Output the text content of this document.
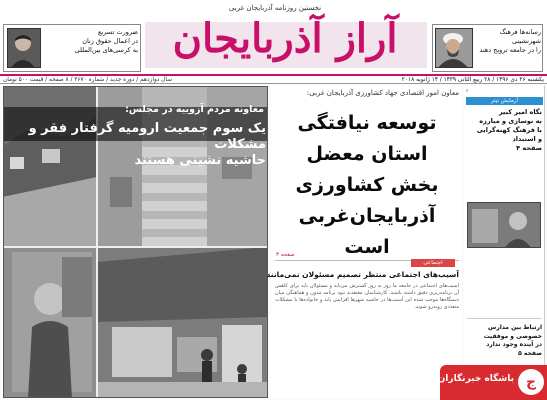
نخستین روزنامه آذربایجان غربی
آراز آذربایجان
ضرورت تسریع
در اعمال حقوق زنان
به کرسی‌های بین‌المللی
رسانه‌ها فرهنگ
شهرنشینی
را در جامعه ترویج دهند
یکشنبه ۲۶ دی ۱۳۹۶ / ۲۸ ربیع الثانی ۱۴۳۹ / ۱۴ ژانویه ۲۰۱۸
سال دوازدهم / دوره جدید / شماره ۳۶۷۰ / ۸ صفحه / قیمت ۵۰۰ تومان
معاونه مردم آزوییه در مجلس:
یک سوم جمعیت اروميه گرفتار فقر و مشکلات
حاشیه نشینی هستند
معاون امور اقتصادی جهاد کشاورزی آذربایجان غربی:
توسعه نیافتگی
استان معضل
بخش کشاورزی
آذربایجان‌غربی است
صفحه ۳
اجتماعی
آسیب‌های اجتماعی منتظر تصمیم مسئولان نمی‌مانند
آسیب‌های اجتماعی در جامعه ما روز به روز گسترش می‌یابد و مسئولان باید برای کاهش آن برنامه‌ریزی دقیق داشته باشند. کارشناسان معتقدند نبود برنامه مدون و هماهنگی میان دستگاه‌ها موجب شده این آسیب‌ها در حاشیه شهرها افزایش یابد و خانواده‌ها با مشکلات متعددی روبه‌رو شوند.
۲
آزمایش تیتر
نگاه امیر کبیر
به نوسازی و مبارزه
با فرهنگ کهنه‌گرایی
و استبداد
صفحه ۴
ارتباط بین مدارس
خصوصی و موفقیت
در آینده وجود ندارد
صفحه ۵
باشگاه خبرنگاران ج
